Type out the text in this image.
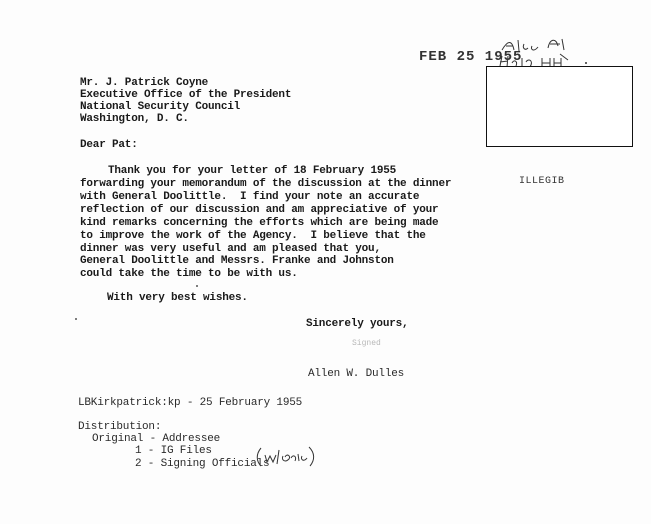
FEB 25 1955
ILLEGIB
Mr. J. Patrick Coyne
Executive Office of the President
National Security Council
Washington, D. C.
Dear Pat:
Thank you for your letter of 18 February 1955
forwarding your memorandum of the discussion at the dinner
with General Doolittle.  I find your note an accurate
reflection of our discussion and am appreciative of your
kind remarks concerning the efforts which are being made
to improve the work of the Agency.  I believe that the
dinner was very useful and am pleased that you,
General Doolittle and Messrs. Franke and Johnston
could take the time to be with us.
With very best wishes.
Sincerely yours,
Signed
Allen W. Dulles
LBKirkpatrick:kp - 25 February 1955
Distribution:
Original - Addressee
1 - IG Files
2 - Signing Officials
